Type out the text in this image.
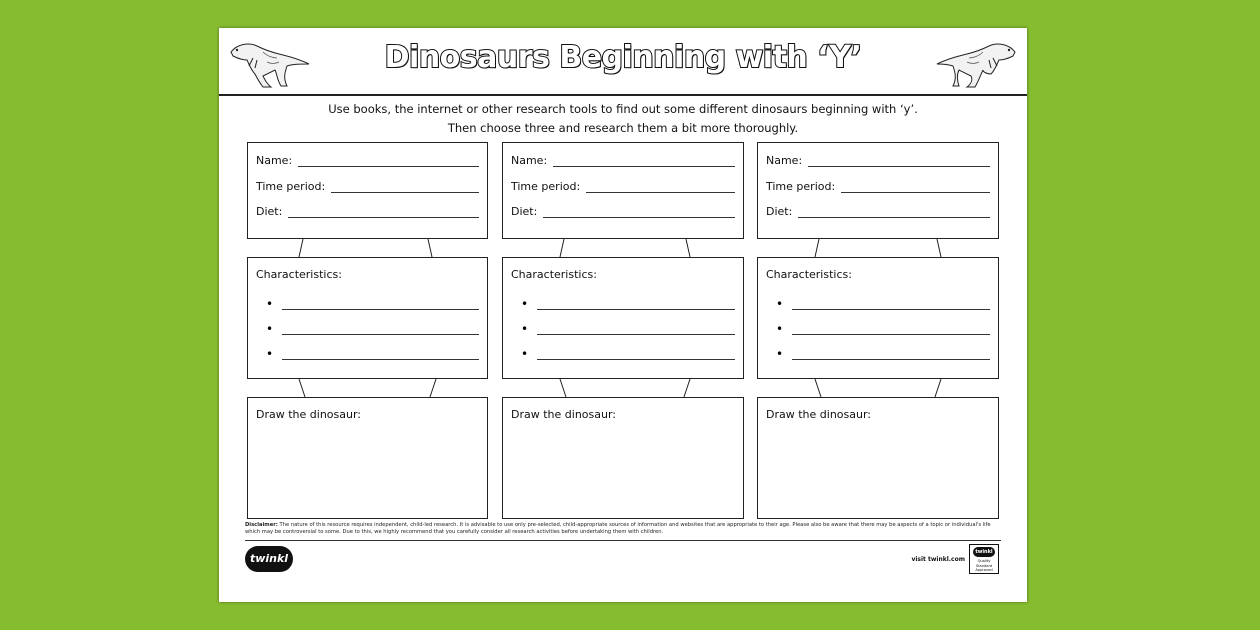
Dinosaurs Beginning with ‘Y’
Use books, the internet or other research tools to find out some different dinosaurs beginning with ‘y’.
Then choose three and research them a bit more thoroughly.
Name:
Time period:
Diet:
Characteristics:
•
•
•
Draw the dinosaur:
Name:
Time period:
Diet:
Characteristics:
•
•
•
Draw the dinosaur:
Name:
Time period:
Diet:
Characteristics:
•
•
•
Draw the dinosaur:
Disclaimer: The nature of this resource requires independent, child-led research. It is advisable to use only pre-selected, child-appropriate sources of information and websites that are appropriate to their age. Please also be aware that there may be aspects of a topic or individual's life which may be controversial to some. Due to this, we highly recommend that you carefully consider all research activities before undertaking them with children.
twinkl	visit twinkl.com
twinkl
Quality Standard Approved
